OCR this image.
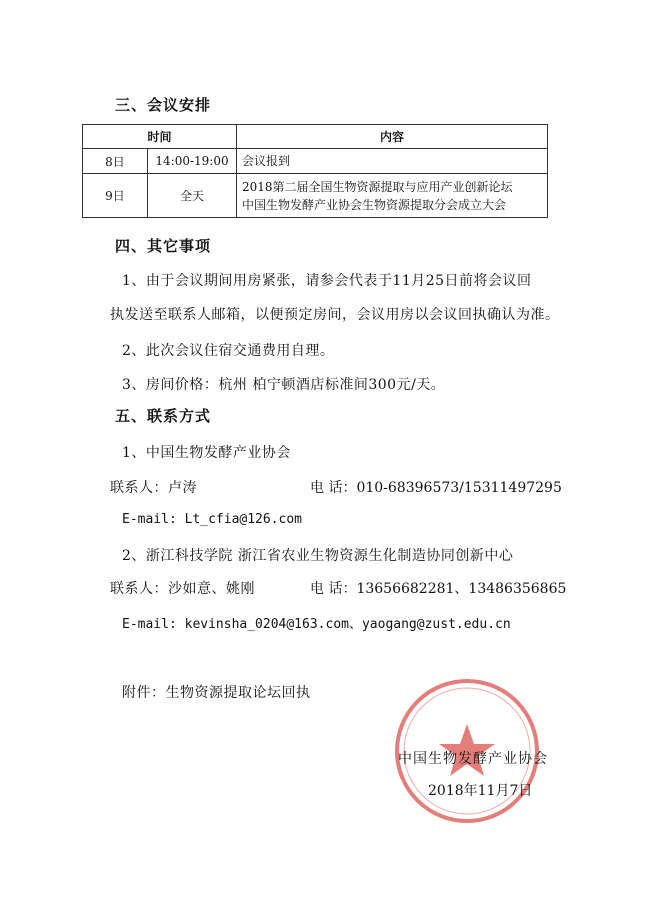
三、会议安排
时间		内容
8日	14:00-19:00	会议报到

9日	全天	2018第二届全国生物资源提取与应用产业创新论坛
中国生物发酵产业协会生物资源提取分会成立大会
四、其它事项
1、由于会议期间用房紧张，请参会代表于11月25日前将会议回
执发送至联系人邮箱，以便预定房间，会议用房以会议回执确认为准。
2、此次会议住宿交通费用自理。
3、房间价格：杭州 柏宁顿酒店标准间300元/天。
五、联系方式
1、中国生物发酵产业协会
联系人：卢涛	电 话：010-68396573/15311497295
E-mail: Lt_cfia@126.com
2、浙江科技学院 浙江省农业生物资源生化制造协同创新中心
联系人：沙如意、姚刚	电 话：13656682281、13486356865
E-mail: kevinsha_0204@163.com、yaogang@zust.edu.cn
附件：生物资源提取论坛回执
中国生物发酵产业协会
2018年11月7日
